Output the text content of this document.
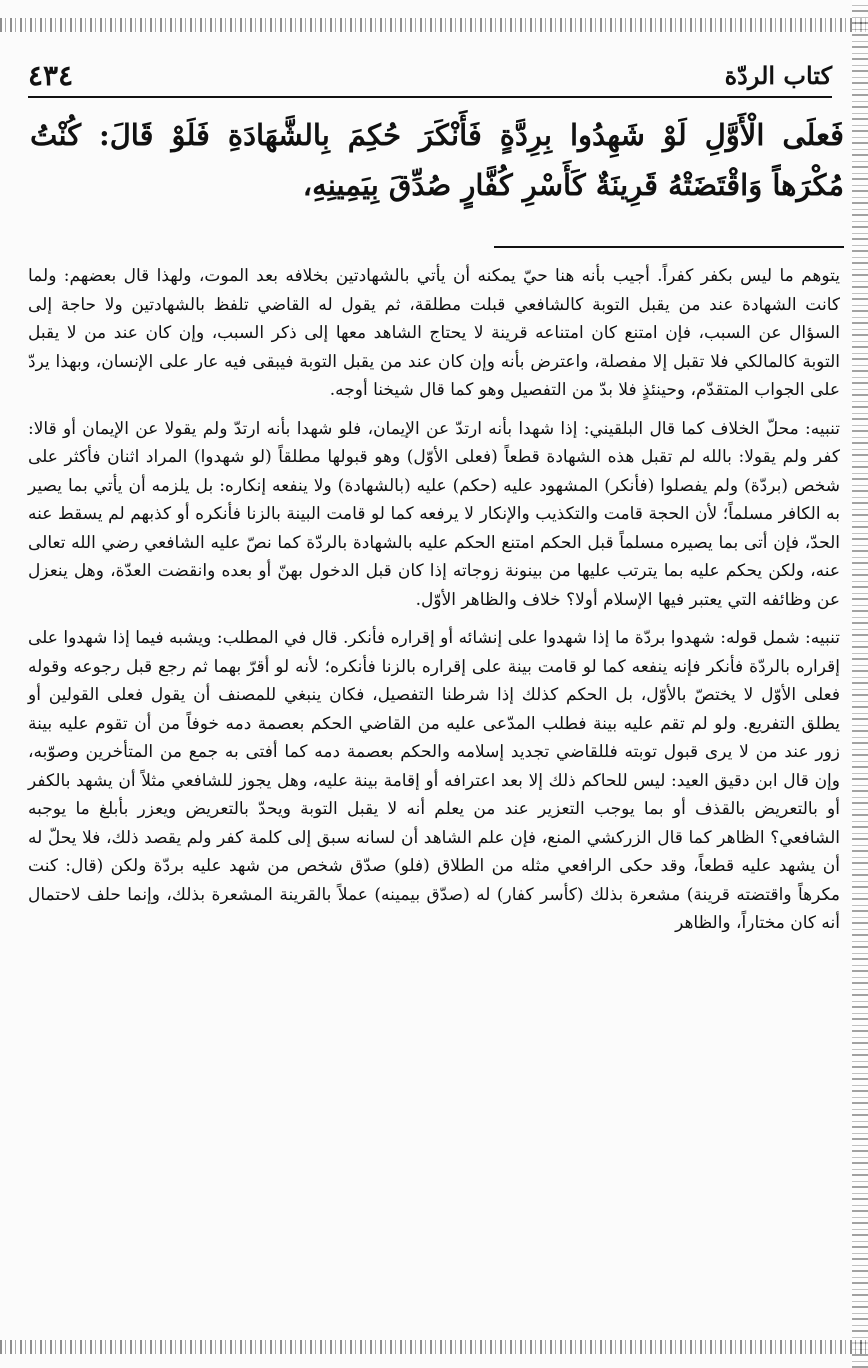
كتاب الردّة
٤٣٤
فَعلَى الْأَوَّلِ لَوْ شَهِدُوا بِرِدَّةٍ فَأَنْكَرَ حُكِمَ بِالشَّهَادَةِ فَلَوْ قَالَ: كُنْتُ مُكْرَهاً وَاقْتَضَتْهُ قَرِينَةٌ كَأَسْرِ كُفَّارٍ صُدِّقَ بِيَمِينِهِ،

يتوهم ما ليس بكفر كفراً. أجيب بأنه هنا حيّ يمكنه أن يأتي بالشهادتين بخلافه بعد الموت، ولهذا قال بعضهم: ولما كانت الشهادة عند من يقبل التوبة كالشافعي قبلت مطلقة، ثم يقول له القاضي تلفظ بالشهادتين ولا حاجة إلى السؤال عن السبب، فإن امتنع كان امتناعه قرينة لا يحتاج الشاهد معها إلى ذكر السبب، وإن كان عند من لا يقبل التوبة كالمالكي فلا تقبل إلا مفصلة، واعترض بأنه وإن كان عند من يقبل التوبة فيبقى فيه عار على الإنسان، وبهذا يردّ على الجواب المتقدّم، وحينئذٍ فلا بدّ من التفصيل وهو كما قال شيخنا أوجه.

تنبيه: محلّ الخلاف كما قال البلقيني: إذا شهدا بأنه ارتدّ عن الإيمان، فلو شهدا بأنه ارتدّ ولم يقولا عن الإيمان أو قالا: كفر ولم يقولا: بالله لم تقبل هذه الشهادة قطعاً (فعلى الأوّل) وهو قبولها مطلقاً (لو شهدوا) المراد اثنان فأكثر على شخص (بردّة) ولم يفصلوا (فأنكر) المشهود عليه (حكم) عليه (بالشهادة) ولا ينفعه إنكاره: بل يلزمه أن يأتي بما يصير به الكافر مسلماً؛ لأن الحجة قامت والتكذيب والإنكار لا يرفعه كما لو قامت البينة بالزنا فأنكره أو كذبهم لم يسقط عنه الحدّ، فإن أتى بما يصيره مسلماً قبل الحكم امتنع الحكم عليه بالشهادة بالردّة كما نصّ عليه الشافعي رضي الله تعالى عنه، ولكن يحكم عليه بما يترتب عليها من بينونة زوجاته إذا كان قبل الدخول بهنّ أو بعده وانقضت العدّة، وهل ينعزل عن وظائفه التي يعتبر فيها الإسلام أولا؟ خلاف والظاهر الأوّل.

تنبيه: شمل قوله: شهدوا بردّة ما إذا شهدوا على إنشائه أو إقراره فأنكر. قال في المطلب: ويشبه فيما إذا شهدوا على إقراره بالردّة فأنكر فإنه ينفعه كما لو قامت بينة على إقراره بالزنا فأنكره؛ لأنه لو أقرّ بهما ثم رجع قبل رجوعه وقوله فعلى الأوّل لا يختصّ بالأوّل، بل الحكم كذلك إذا شرطنا التفصيل، فكان ينبغي للمصنف أن يقول فعلى القولين أو يطلق التفريع. ولو لم تقم عليه بينة فطلب المدّعى عليه من القاضي الحكم بعصمة دمه خوفاً من أن تقوم عليه بينة زور عند من لا يرى قبول توبته فللقاضي تجديد إسلامه والحكم بعصمة دمه كما أفتى به جمع من المتأخرين وصوّبه، وإن قال ابن دقيق العيد: ليس للحاكم ذلك إلا بعد اعترافه أو إقامة بينة عليه، وهل يجوز للشافعي مثلاً أن يشهد بالكفر أو بالتعريض بالقذف أو بما يوجب التعزير عند من يعلم أنه لا يقبل التوبة ويحدّ بالتعريض ويعزر بأبلغ ما يوجبه الشافعي؟ الظاهر كما قال الزركشي المنع، فإن علم الشاهد أن لسانه سبق إلى كلمة كفر ولم يقصد ذلك، فلا يحلّ له أن يشهد عليه قطعاً، وقد حكى الرافعي مثله من الطلاق (فلو) صدّق شخص من شهد عليه بردّة ولكن (قال: كنت مكرهاً واقتضته قرينة) مشعرة بذلك (كأسر كفار) له (صدّق بيمينه) عملاً بالقرينة المشعرة بذلك، وإنما حلف لاحتمال أنه كان مختاراً، والظاهر
